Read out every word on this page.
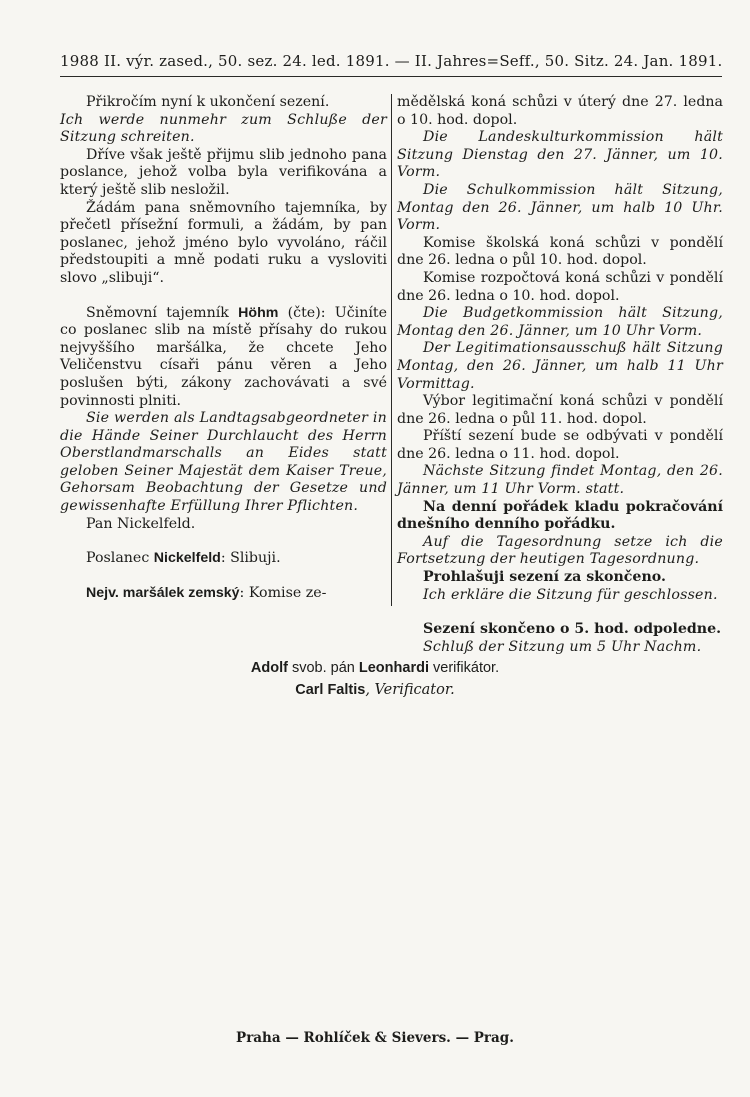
1988 II. výr. zased., 50. sez. 24. led. 1891. — II. Jahres=Seff., 50. Sitz. 24. Jan. 1891.

Přikročím nyní k ukončení sezení.

Ich werde nunmehr zum Schluße der Sitzung schreiten.

Dříve však ještě přijmu slib jednoho pana poslance, jehož volba byla verifikována a který ještě slib nesložil.

Žádám pana sněmovního tajemníka, by přečetl přísežní formuli, a žádám, by pan poslanec, jehož jméno bylo vyvoláno, ráčil předstoupiti a mně podati ruku a vysloviti slovo „slibuji“.

Sněmovní tajemník Höhm (čte): Učiníte co poslanec slib na místě přísahy do rukou nejvyššího maršálka, že chcete Jeho Veličenstvu císaři pánu věren a Jeho poslušen býti, zákony zachovávati a své povinnosti plniti.

Sie werden als Landtagsabgeordneter in die Hände Seiner Durchlaucht des Herrn Oberstlandmarschalls an Eides statt geloben Seiner Majestät dem Kaiser Treue, Gehorsam Beobachtung der Gesetze und gewissenhafte Erfüllung Ihrer Pflichten.

Pan Nickelfeld.

Poslanec Nickelfeld: Slibuji.

Nejv. maršálek zemský: Komise ze-

mědělská koná schůzi v úterý dne 27. ledna o 10. hod. dopol.

Die Landeskulturkommission hält Sitzung Dienstag den 27. Jänner, um 10. Vorm.

Die Schulkommission hält Sitzung, Montag den 26. Jänner, um halb 10 Uhr. Vorm.

Komise školská koná schůzi v pondělí dne 26. ledna o půl 10. hod. dopol.

Komise rozpočtová koná schůzi v pondělí dne 26. ledna o 10. hod. dopol.

Die Budgetkommission hält Sitzung, Montag den 26. Jänner, um 10 Uhr Vorm.

Der Legitimationsausschuß hält Sitzung Montag, den 26. Jänner, um halb 11 Uhr Vormittag.

Výbor legitimační koná schůzi v pondělí dne 26. ledna o půl 11. hod. dopol.

Příští sezení bude se odbývati v pondělí dne 26. ledna o 11. hod. dopol.

Nächste Sitzung findet Montag, den 26. Jänner, um 11 Uhr Vorm. statt.

Na denní pořádek kladu pokračování dnešního denního pořádku.

Auf die Tagesordnung setze ich die Fortsetzung der heutigen Tagesordnung.

Prohlašuji sezení za skončeno.

Ich erkläre die Sitzung für geschlossen.

Sezení skončeno o 5. hod. odpoledne.

Schluß der Sitzung um 5 Uhr Nachm.

Adolf svob. pán Leonhardi verifikátor.
Carl Faltis, Verificator.
Praha — Rohlíček & Sievers. — Prag.
